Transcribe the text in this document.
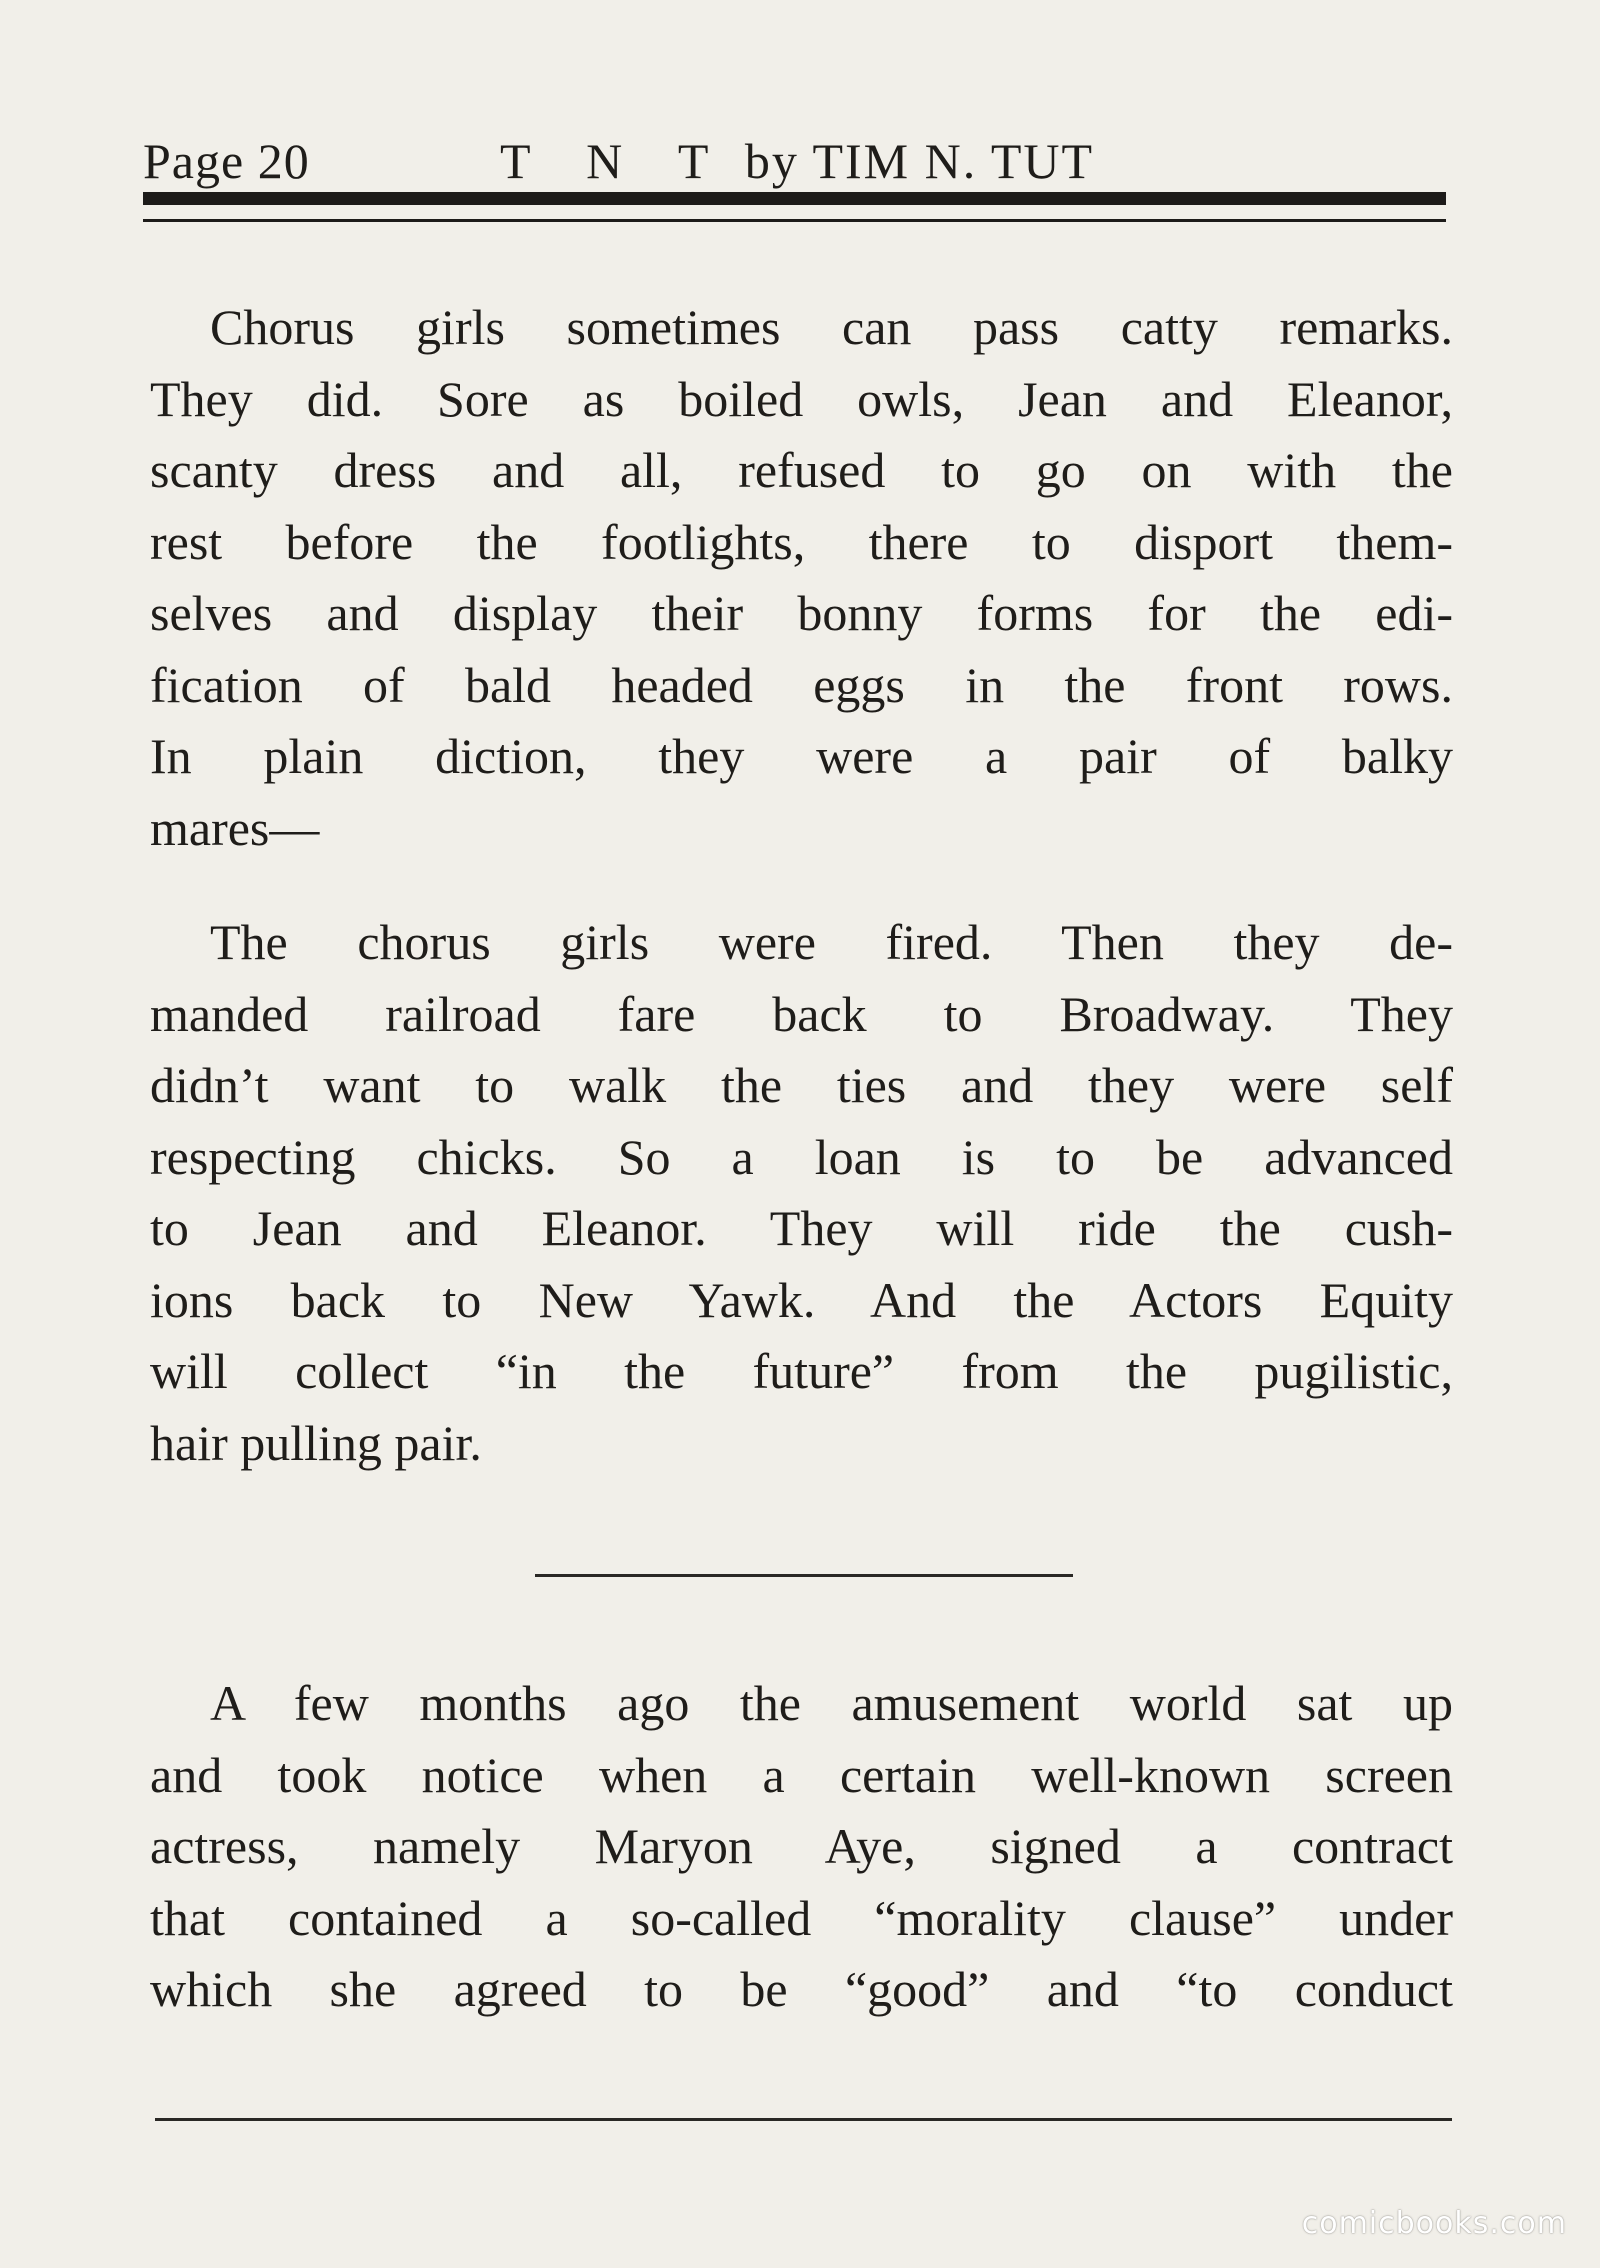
Page 20	T N T by TIM N. TUT
Chorus girls sometimes can pass catty remarks.
They did. Sore as boiled owls, Jean and Eleanor,
scanty dress and all, refused to go on with the
rest before the footlights, there to disport them-
selves and display their bonny forms for the edi-
fication of bald headed eggs in the front rows.
In plain diction, they were a pair of balky
mares—
The chorus girls were fired. Then they de-
manded railroad fare back to Broadway. They
didn’t want to walk the ties and they were self
respecting chicks. So a loan is to be advanced
to Jean and Eleanor. They will ride the cush-
ions back to New Yawk. And the Actors Equity
will collect “in the future” from the pugilistic,
hair pulling pair.
A few months ago the amusement world sat up
and took notice when a certain well-known screen
actress, namely Maryon Aye, signed a contract
that contained a so-called “morality clause” under
which she agreed to be “good” and “to conduct
comicbooks.com
